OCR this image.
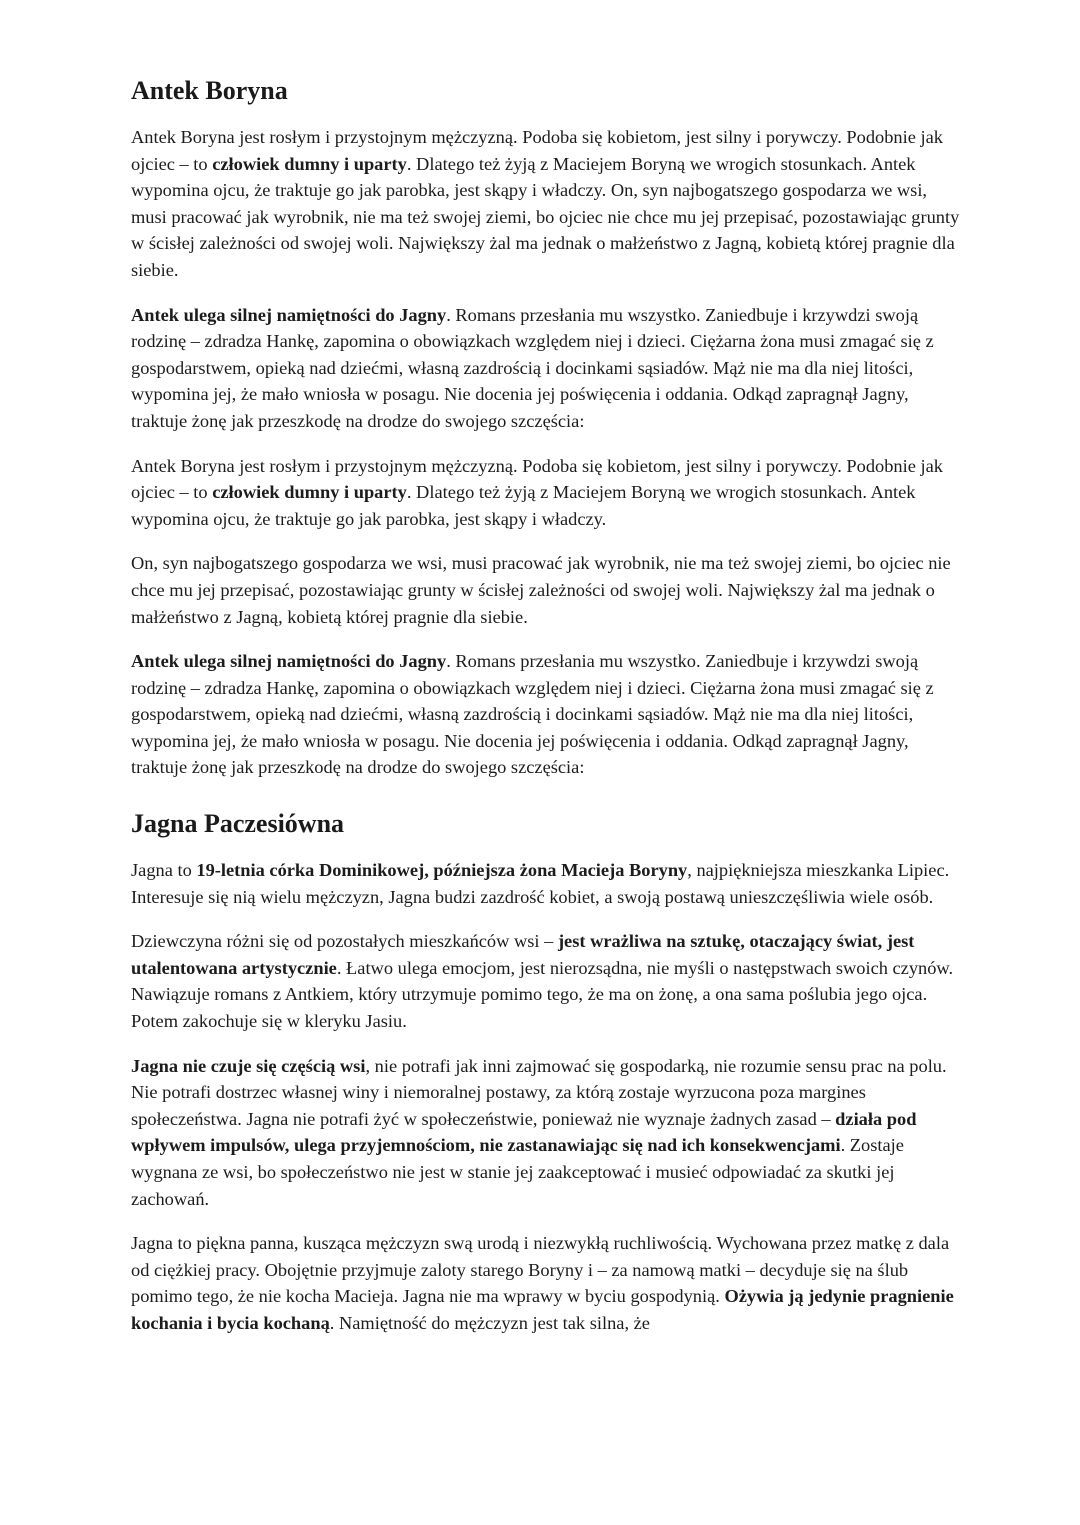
Antek Boryna

Antek Boryna jest rosłym i przystojnym mężczyzną. Podoba się kobietom, jest silny i porywczy. Podobnie jak ojciec – to człowiek dumny i uparty. Dlatego też żyją z Maciejem Boryną we wrogich stosunkach. Antek wypomina ojcu, że traktuje go jak parobka, jest skąpy i władczy. On, syn najbogatszego gospodarza we wsi, musi pracować jak wyrobnik, nie ma też swojej ziemi, bo ojciec nie chce mu jej przepisać, pozostawiając grunty w ścisłej zależności od swojej woli. Największy żal ma jednak o małżeństwo z Jagną, kobietą której pragnie dla siebie.

Antek ulega silnej namiętności do Jagny. Romans przesłania mu wszystko. Zaniedbuje i krzywdzi swoją rodzinę – zdradza Hankę, zapomina o obowiązkach względem niej i dzieci. Ciężarna żona musi zmagać się z gospodarstwem, opieką nad dziećmi, własną zazdrością i docinkami sąsiadów. Mąż nie ma dla niej litości, wypomina jej, że mało wniosła w posagu. Nie docenia jej poświęcenia i oddania. Odkąd zapragnął Jagny, traktuje żonę jak przeszkodę na drodze do swojego szczęścia:

Antek Boryna jest rosłym i przystojnym mężczyzną. Podoba się kobietom, jest silny i porywczy. Podobnie jak ojciec – to człowiek dumny i uparty. Dlatego też żyją z Maciejem Boryną we wrogich stosunkach. Antek wypomina ojcu, że traktuje go jak parobka, jest skąpy i władczy.

On, syn najbogatszego gospodarza we wsi, musi pracować jak wyrobnik, nie ma też swojej ziemi, bo ojciec nie chce mu jej przepisać, pozostawiając grunty w ścisłej zależności od swojej woli. Największy żal ma jednak o małżeństwo z Jagną, kobietą której pragnie dla siebie.

Antek ulega silnej namiętności do Jagny. Romans przesłania mu wszystko. Zaniedbuje i krzywdzi swoją rodzinę – zdradza Hankę, zapomina o obowiązkach względem niej i dzieci. Ciężarna żona musi zmagać się z gospodarstwem, opieką nad dziećmi, własną zazdrością i docinkami sąsiadów. Mąż nie ma dla niej litości, wypomina jej, że mało wniosła w posagu. Nie docenia jej poświęcenia i oddania. Odkąd zapragnął Jagny, traktuje żonę jak przeszkodę na drodze do swojego szczęścia:

Jagna Paczesiówna

Jagna to 19-letnia córka Dominikowej, późniejsza żona Macieja Boryny, najpiękniejsza mieszkanka Lipiec. Interesuje się nią wielu mężczyzn, Jagna budzi zazdrość kobiet, a swoją postawą unieszczęśliwia wiele osób.

Dziewczyna różni się od pozostałych mieszkańców wsi – jest wrażliwa na sztukę, otaczający świat, jest utalentowana artystycznie. Łatwo ulega emocjom, jest nierozsądna, nie myśli o następstwach swoich czynów. Nawiązuje romans z Antkiem, który utrzymuje pomimo tego, że ma on żonę, a ona sama poślubia jego ojca. Potem zakochuje się w kleryku Jasiu.

Jagna nie czuje się częścią wsi, nie potrafi jak inni zajmować się gospodarką, nie rozumie sensu prac na polu. Nie potrafi dostrzec własnej winy i niemoralnej postawy, za którą zostaje wyrzucona poza margines społeczeństwa. Jagna nie potrafi żyć w społeczeństwie, ponieważ nie wyznaje żadnych zasad – działa pod wpływem impulsów, ulega przyjemnościom, nie zastanawiając się nad ich konsekwencjami. Zostaje wygnana ze wsi, bo społeczeństwo nie jest w stanie jej zaakceptować i musieć odpowiadać za skutki jej zachowań.

Jagna to piękna panna, kusząca mężczyzn swą urodą i niezwykłą ruchliwością. Wychowana przez matkę z dala od ciężkiej pracy. Obojętnie przyjmuje zaloty starego Boryny i – za namową matki – decyduje się na ślub pomimo tego, że nie kocha Macieja. Jagna nie ma wprawy w byciu gospodynią. Ożywia ją jedynie pragnienie kochania i bycia kochaną. Namiętność do mężczyzn jest tak silna, że
